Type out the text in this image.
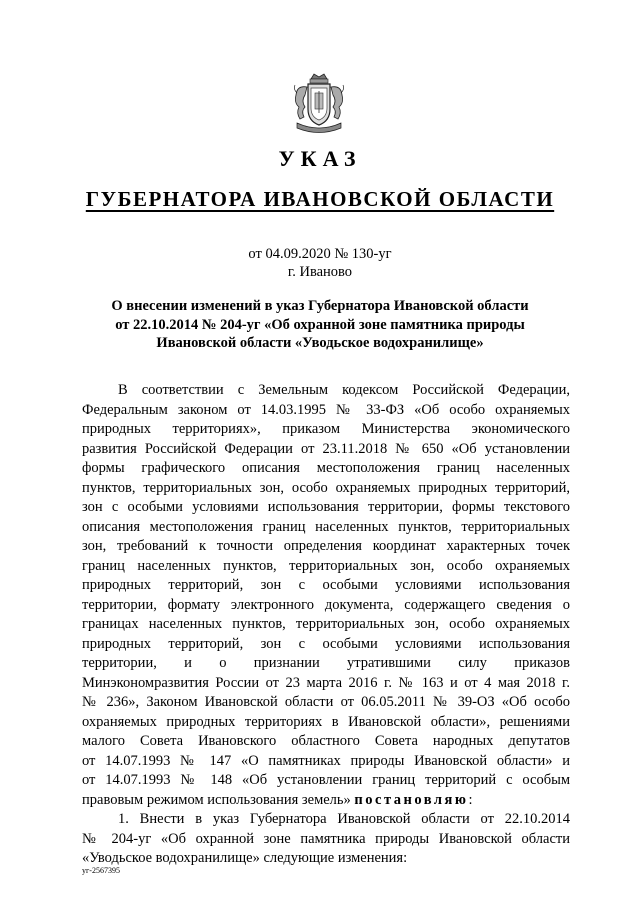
УКАЗ
ГУБЕРНАТОРА ИВАНОВСКОЙ ОБЛАСТИ
от 04.09.2020 № 130-уг
г. Иваново
О внесении изменений в указ Губернатора Ивановской области
от 22.10.2014 № 204-уг «Об охранной зоне памятника природы
Ивановской области «Уводьское водохранилище»
В соответствии с Земельным кодексом Российской Федерации,
Федеральным законом от 14.03.1995 № 33-ФЗ «Об особо охраняемых
природных территориях», приказом Министерства экономического
развития Российской Федерации от 23.11.2018 № 650 «Об установлении
формы графического описания местоположения границ населенных
пунктов, территориальных зон, особо охраняемых природных территорий,
зон с особыми условиями использования территории, формы текстового
описания местоположения границ населенных пунктов, территориальных
зон, требований к точности определения координат характерных точек
границ населенных пунктов, территориальных зон, особо охраняемых
природных территорий, зон с особыми условиями использования
территории, формату электронного документа, содержащего сведения о
границах населенных пунктов, территориальных зон, особо охраняемых
природных территорий, зон с особыми условиями использования
территории, и о признании утратившими силу приказов
Минэкономразвития России от 23 марта 2016 г. № 163 и от 4 мая 2018 г.
№ 236», Законом Ивановской области от 06.05.2011 № 39-ОЗ «Об особо
охраняемых природных территориях в Ивановской области», решениями
малого Совета Ивановского областного Совета народных депутатов
от 14.07.1993 № 147 «О памятниках природы Ивановской области» и
от 14.07.1993 № 148 «Об установлении границ территорий с особым
правовым режимом использования земель» постановляю:
1. Внести в указ Губернатора Ивановской области от 22.10.2014
№ 204-уг «Об охранной зоне памятника природы Ивановской области
«Уводьское водохранилище» следующие изменения:
уг-2567395
